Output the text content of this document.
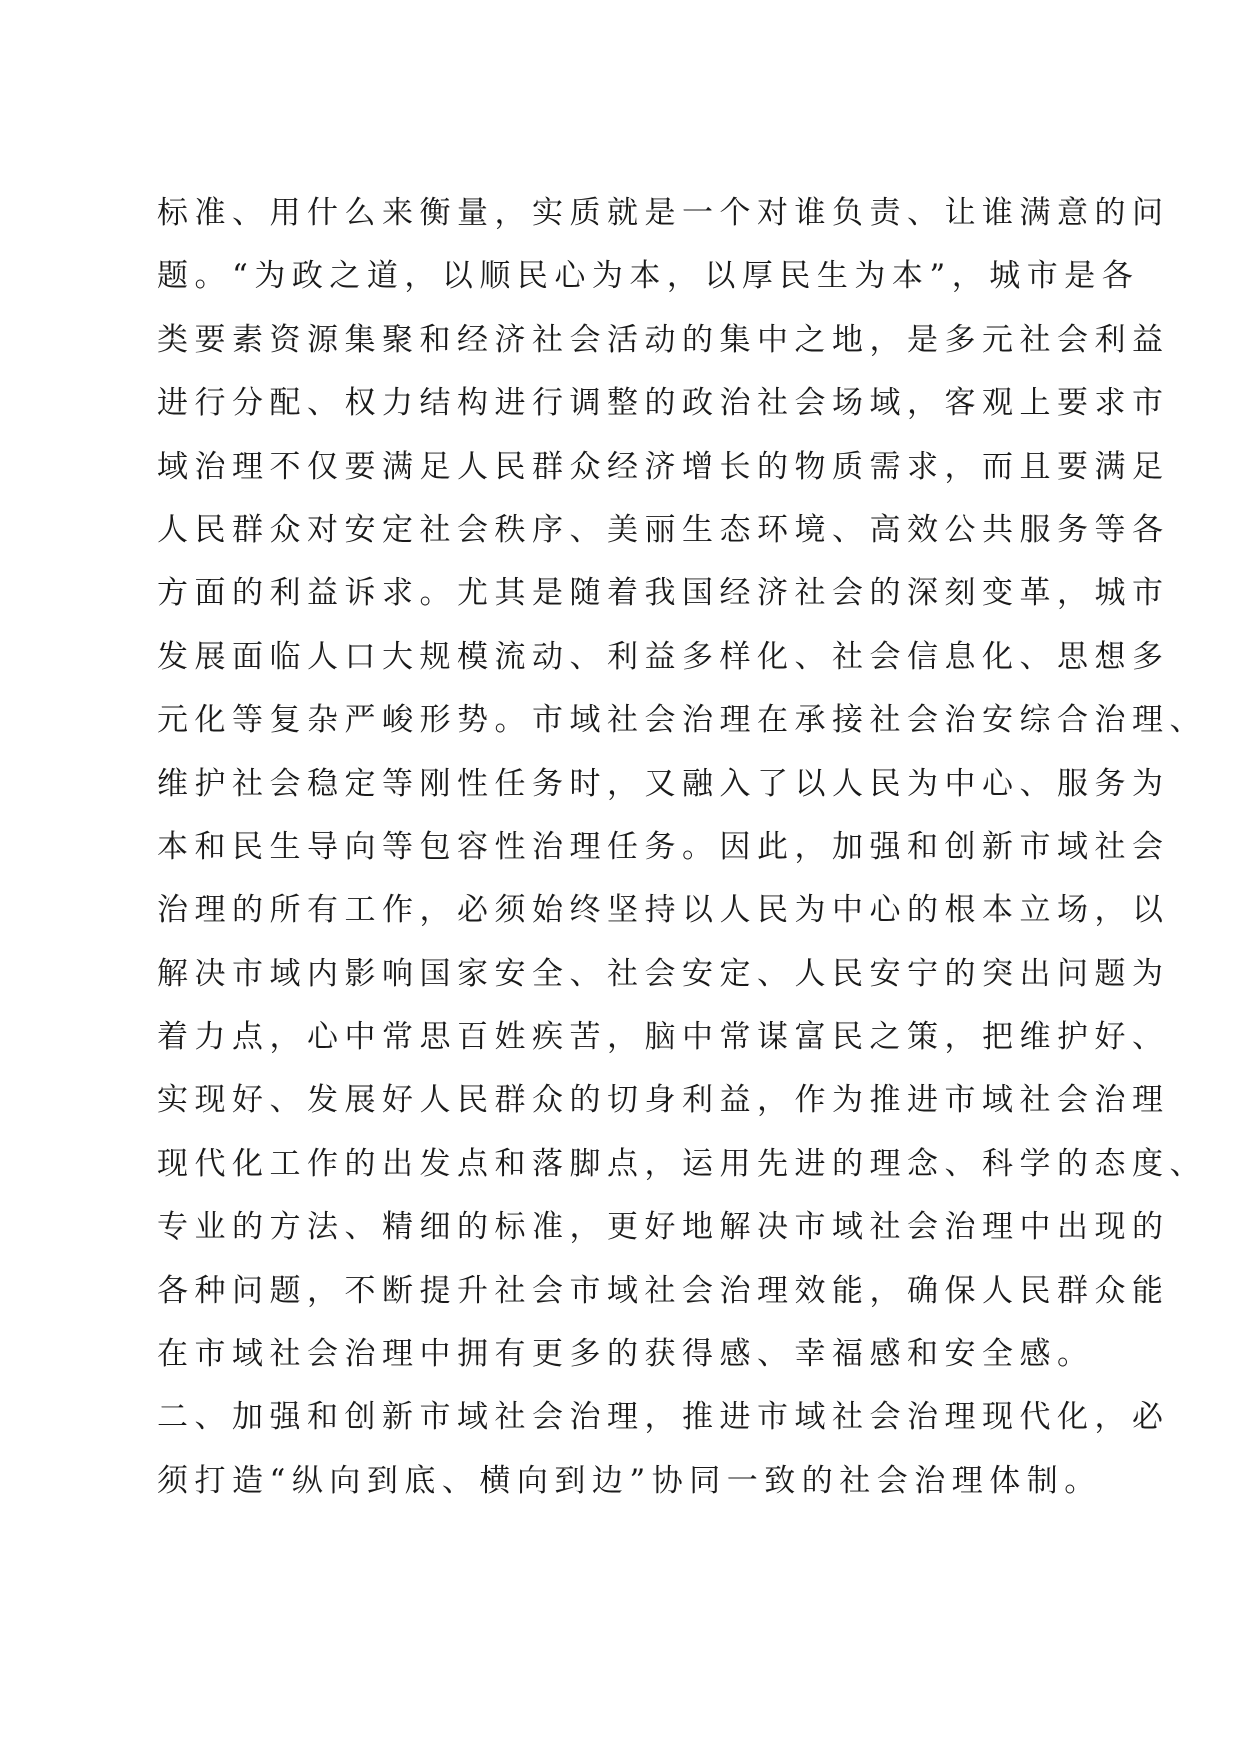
标准、用什么来衡量，实质就是一个对谁负责、让谁满意的问
题。“为政之道，以顺民心为本，以厚民生为本”，城市是各
类要素资源集聚和经济社会活动的集中之地，是多元社会利益
进行分配、权力结构进行调整的政治社会场域，客观上要求市
域治理不仅要满足人民群众经济增长的物质需求，而且要满足
人民群众对安定社会秩序、美丽生态环境、高效公共服务等各
方面的利益诉求。尤其是随着我国经济社会的深刻变革，城市
发展面临人口大规模流动、利益多样化、社会信息化、思想多
元化等复杂严峻形势。市域社会治理在承接社会治安综合治理、
维护社会稳定等刚性任务时，又融入了以人民为中心、服务为
本和民生导向等包容性治理任务。因此，加强和创新市域社会
治理的所有工作，必须始终坚持以人民为中心的根本立场，以
解决市域内影响国家安全、社会安定、人民安宁的突出问题为
着力点，心中常思百姓疾苦，脑中常谋富民之策，把维护好、
实现好、发展好人民群众的切身利益，作为推进市域社会治理
现代化工作的出发点和落脚点，运用先进的理念、科学的态度、
专业的方法、精细的标准，更好地解决市域社会治理中出现的
各种问题，不断提升社会市域社会治理效能，确保人民群众能
在市域社会治理中拥有更多的获得感、幸福感和安全感。
二、加强和创新市域社会治理，推进市域社会治理现代化，必
须打造“纵向到底、横向到边”协同一致的社会治理体制。
